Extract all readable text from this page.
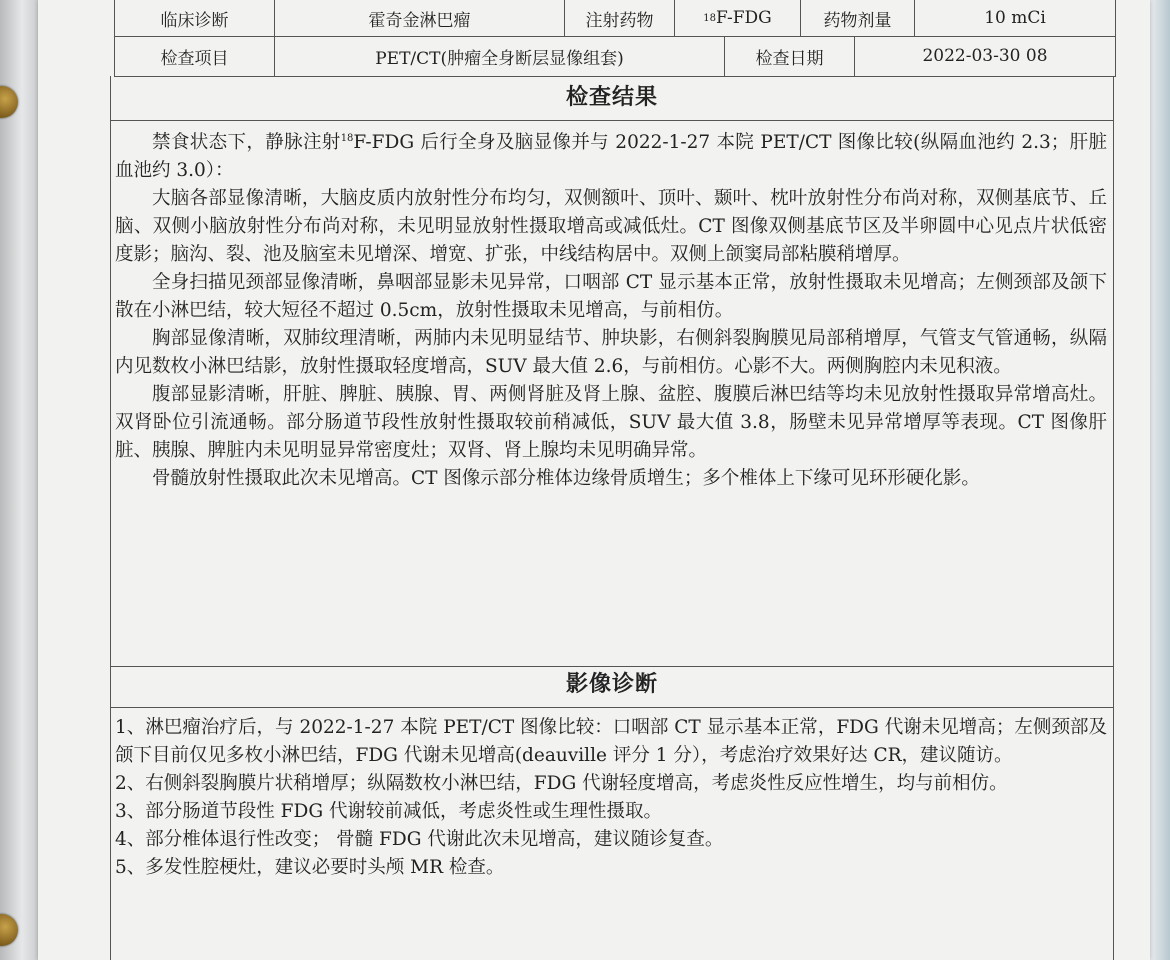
临床诊断	霍奇金淋巴瘤	注射药物	18 F-FDG	药物剂量	10 mCi
检查项目	PET/CT(肿瘤全身断层显像组套)	检查日期	2022-03-30 08
检查结果

禁食状态下，静脉注射$^{18}$F-FDG 后行全身及脑显像并与 2022-1-27 本院 PET/CT 图像比较(纵隔血池约 2.3；肝脏血池约 3.0）：

大脑各部显像清晰，大脑皮质内放射性分布均匀，双侧额叶、顶叶、颞叶、枕叶放射性分布尚对称，双侧基底节、丘脑、双侧小脑放射性分布尚对称，未见明显放射性摄取增高或减低灶。CT 图像双侧基底节区及半卵圆中心见点片状低密度影；脑沟、裂、池及脑室未见增深、增宽、扩张，中线结构居中。双侧上颌窦局部粘膜稍增厚。

全身扫描见颈部显像清晰，鼻咽部显影未见异常，口咽部 CT 显示基本正常，放射性摄取未见增高；左侧颈部及颌下散在小淋巴结，较大短径不超过 0.5cm，放射性摄取未见增高，与前相仿。

胸部显像清晰，双肺纹理清晰，两肺内未见明显结节、肿块影，右侧斜裂胸膜见局部稍增厚，气管支气管通畅，纵隔内见数枚小淋巴结影，放射性摄取轻度增高，SUV 最大值 2.6，与前相仿。心影不大。两侧胸腔内未见积液。

腹部显影清晰，肝脏、脾脏、胰腺、胃、两侧肾脏及肾上腺、盆腔、腹膜后淋巴结等均未见放射性摄取异常增高灶。双肾卧位引流通畅。部分肠道节段性放射性摄取较前稍减低，SUV 最大值 3.8，肠壁未见异常增厚等表现。CT 图像肝脏、胰腺、脾脏内未见明显异常密度灶；双肾、肾上腺均未见明确异常。

骨髓放射性摄取此次未见增高。CT 图像示部分椎体边缘骨质增生；多个椎体上下缘可见环形硬化影。

影像诊断

1、淋巴瘤治疗后，与 2022-1-27 本院 PET/CT 图像比较：口咽部 CT 显示基本正常，FDG 代谢未见增高；左侧颈部及颌下目前仅见多枚小淋巴结，FDG 代谢未见增高(deauville 评分 1 分），考虑治疗效果好达 CR，建议随访。

2、右侧斜裂胸膜片状稍增厚；纵隔数枚小淋巴结，FDG 代谢轻度增高，考虑炎性反应性增生，均与前相仿。

3、部分肠道节段性 FDG 代谢较前减低，考虑炎性或生理性摄取。

4、部分椎体退行性改变； 骨髓 FDG 代谢此次未见增高，建议随诊复查。

5、多发性腔梗灶，建议必要时头颅 MR 检查。
